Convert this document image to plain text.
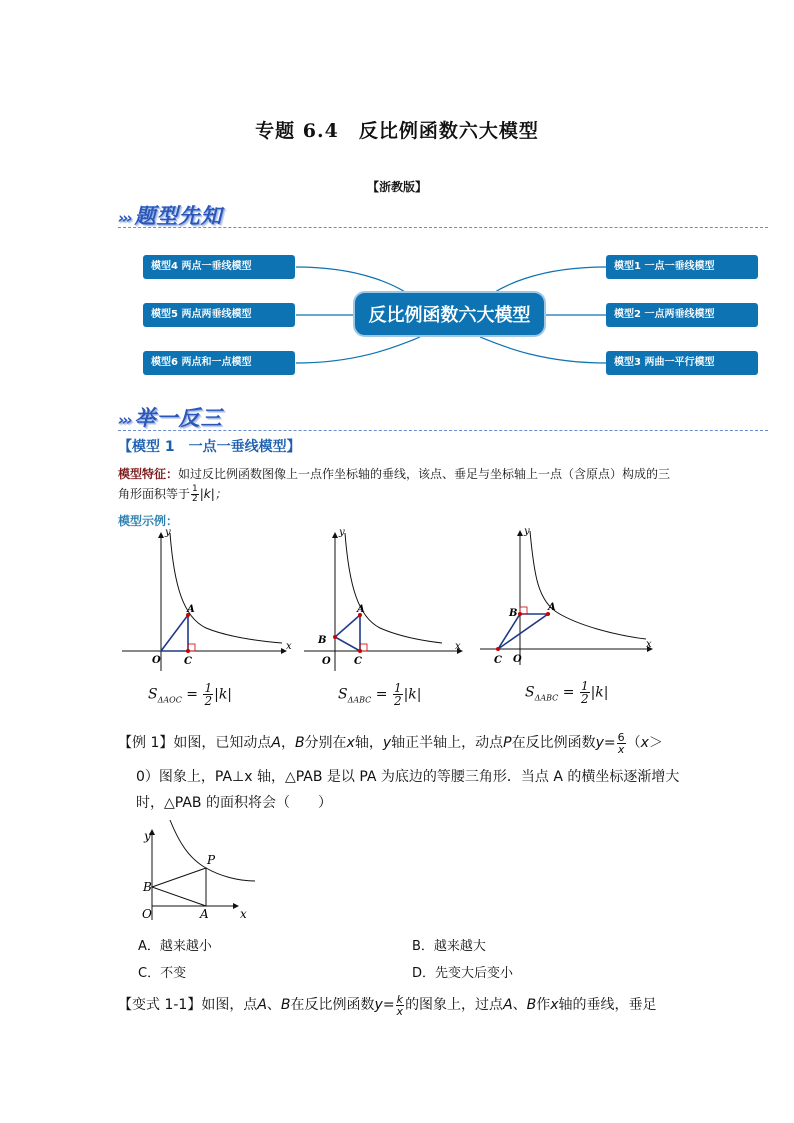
专题 6.4　反比例函数六大模型
【浙教版】
››› 题型先知
模型4 两点一垂线模型
模型5 两点两垂线模型
模型6 两点和一点模型
模型1 一点一垂线模型
模型2 一点两垂线模型
模型3 两曲一平行模型
反比例函数六大模型
››› 举一反三
【模型 1　一点一垂线模型】
模型特征：如过反比例函数图像上一点作坐标轴的垂线，该点、垂足与坐标轴上一点（含原点）构成的三角形面积等于 $\frac{1}{2} |k|$；
模型示例：
x
y
O
A
C
x
y
O
A
B
C
x
y
O
A
B
C
$S_{\Delta AOC} = \frac{1}{2} |k|$	$S_{\Delta ABC} = \frac{1}{2} |k|$	$S_{\Delta ABC} = \frac{1}{2} |k|$
【例 1】如图，已知动点A，B分别在x轴，y轴正半轴上，动点P在反比例函数$y= \frac{6}{x} (x>$
0）图象上，PA⊥x 轴，△PAB 是以 PA 为底边的等腰三角形．当点 A 的横坐标逐渐增大
时，△PAB 的面积将会（　　）
x
y
O
P
B
A
A．越来越小	B．越来越大
C．不变	D．先变大后变小
【变式 1-1】如图，点A、B在反比例函数$y= \frac{k}{x}$ 的图象上，过点A、B作x轴的垂线，垂足
